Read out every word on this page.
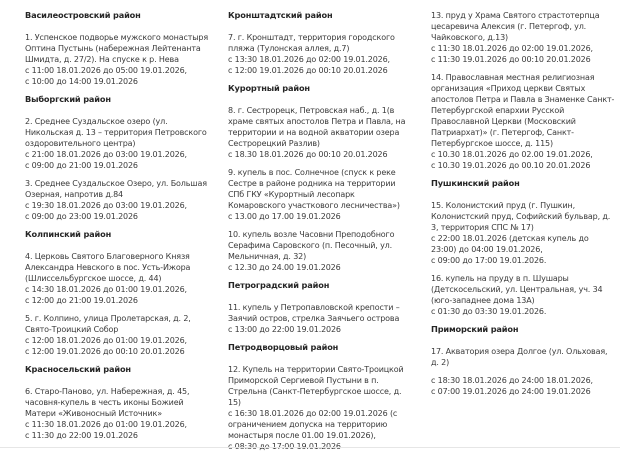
Василеостровский район
1. Успенское подворье мужского монастыря Оптина Пустынь (набережная Лейтенанта Шмидта, д. 27/2). На спуске к р. Нева
с 11:00 18.01.2026 до 05:00 19.01.2026,
с 10:00 до 14:00 19.01.2026
Выборгский район
2. Среднее Суздальское озеро (ул. Никольская д. 13 – территория Петровского оздоровительного центра)
с 21:00 18.01.2026 до 03:00 19.01.2026,
с 09:00 до 21:00 19.01.2026
3. Среднее Суздальское Озеро, ул. Большая Озерная, напротив д.84
с 19:30 18.01.2026 до 03:00 19.01.2026,
с 09:00 до 23:00 19.01.2026
Колпинский район
4. Церковь Святого Благоверного Князя Александра Невского в пос. Усть-Ижора (Шлиссельбургское шоссе, д. 44)
с 14:30 18.01.2026 до 01:00 19.01.2026,
с 12:00 до 21:00 19.01.2026
5. г. Колпино, улица Пролетарская, д. 2, Свято-Троицкий Собор
с 12:00 18.01.2026 до 01:00 19.01.2026,
с 12:00 19.01.2026 до 00:10 20.01.2026
Красносельский район
6. Старо-Паново, ул. Набережная, д. 45, часовня-купель в честь иконы Божией Матери «Живоносный Источник»
с 11:30 18.01.2026 до 01:00 19.01.2026,
с 11:30 до 22:00 19.01.2026
Кронштадтский район
7. г. Кронштадт, территория городского пляжа (Тулонская аллея, д.7)
с 13:30 18.01.2026 до 02:00 19.01.2026,
с 12:00 19.01.2026 до 00:10 20.01.2026
Курортный район
8. г. Сестрорецк, Петровская наб., д. 1(в храме святых апостолов Петра и Павла, на территории и на водной акватории озера Сестрорецкий Разлив)
с 18.30 18.01.2026 до 00:10 20.01.2026
9. купель в пос. Солнечное (спуск к реке Сестре в районе родника на территории СПб ГКУ «Курортный лесопарк Комаровского участкового лесничества»)
с 13.00 до 17.00 19.01.2026
10. купель возле Часовни Преподобного Серафима Саровского (п. Песочный, ул. Мельничная, д. 32)
с 12.30 до 24.00 19.01.2026
Петроградский район
11. купель у Петропавловской крепости – Заячий остров, стрелка Заячьего острова
с 13:00 до 22:00 19.01.2026
Петродворцовый район
12. Купель на территории Свято-Троицкой Приморской Сергиевой Пустыни в п. Стрельна (Санкт-Петербургское шоссе, д. 15)
с 16:30 18.01.2026 до 02:00 19.01.2026 (с ограничением допуска на территорию монастыря после 01.00 19.01.2026),
с 08:30 до 17:00 19.01.2026
13. пруд у Храма Святого страстотерпца цесаревича Алексия (г. Петергоф, ул. Чайковского, д.13)
с 11:30 18.01.2026 до 02:00 19.01.2026,
с 11:30 19.01.2026 до 00:10 20.01.2026
14. Православная местная религиозная организация «Приход церкви Святых апостолов Петра и Павла в Знаменке Санкт-Петербургской епархии Русской Православной Церкви (Московский Патриархат)» (г. Петергоф, Санкт-Петербургское шоссе, д. 115)
с 10.30 18.01.2026 до 02.00 19.01.2026,
с 10.30 19.01.2026 до 00.10 20.01.2026
Пушкинский район
15. Колонистский пруд (г. Пушкин, Колонистский пруд, Софийский бульвар, д. 3, территория СПС № 17)
с 22:00 18.01.2026 (детская купель до 23:00) до 04:00 19.01.2026,
с 09:00 до 17:00 19.01.2026.
16. купель на пруду в п. Шушары (Детскосельский, ул. Центральная, уч. 34 (юго-западнее дома 13А)
с 01:30 до 03:30 19.01.2026.
Приморский район
17. Акватория озера Долгое (ул. Ольховая, д. 2)
с 18:30 18.01.2026 до 24:00 18.01.2026,
с 07:00 19.01.2026 до 24:00 19.01.2026
